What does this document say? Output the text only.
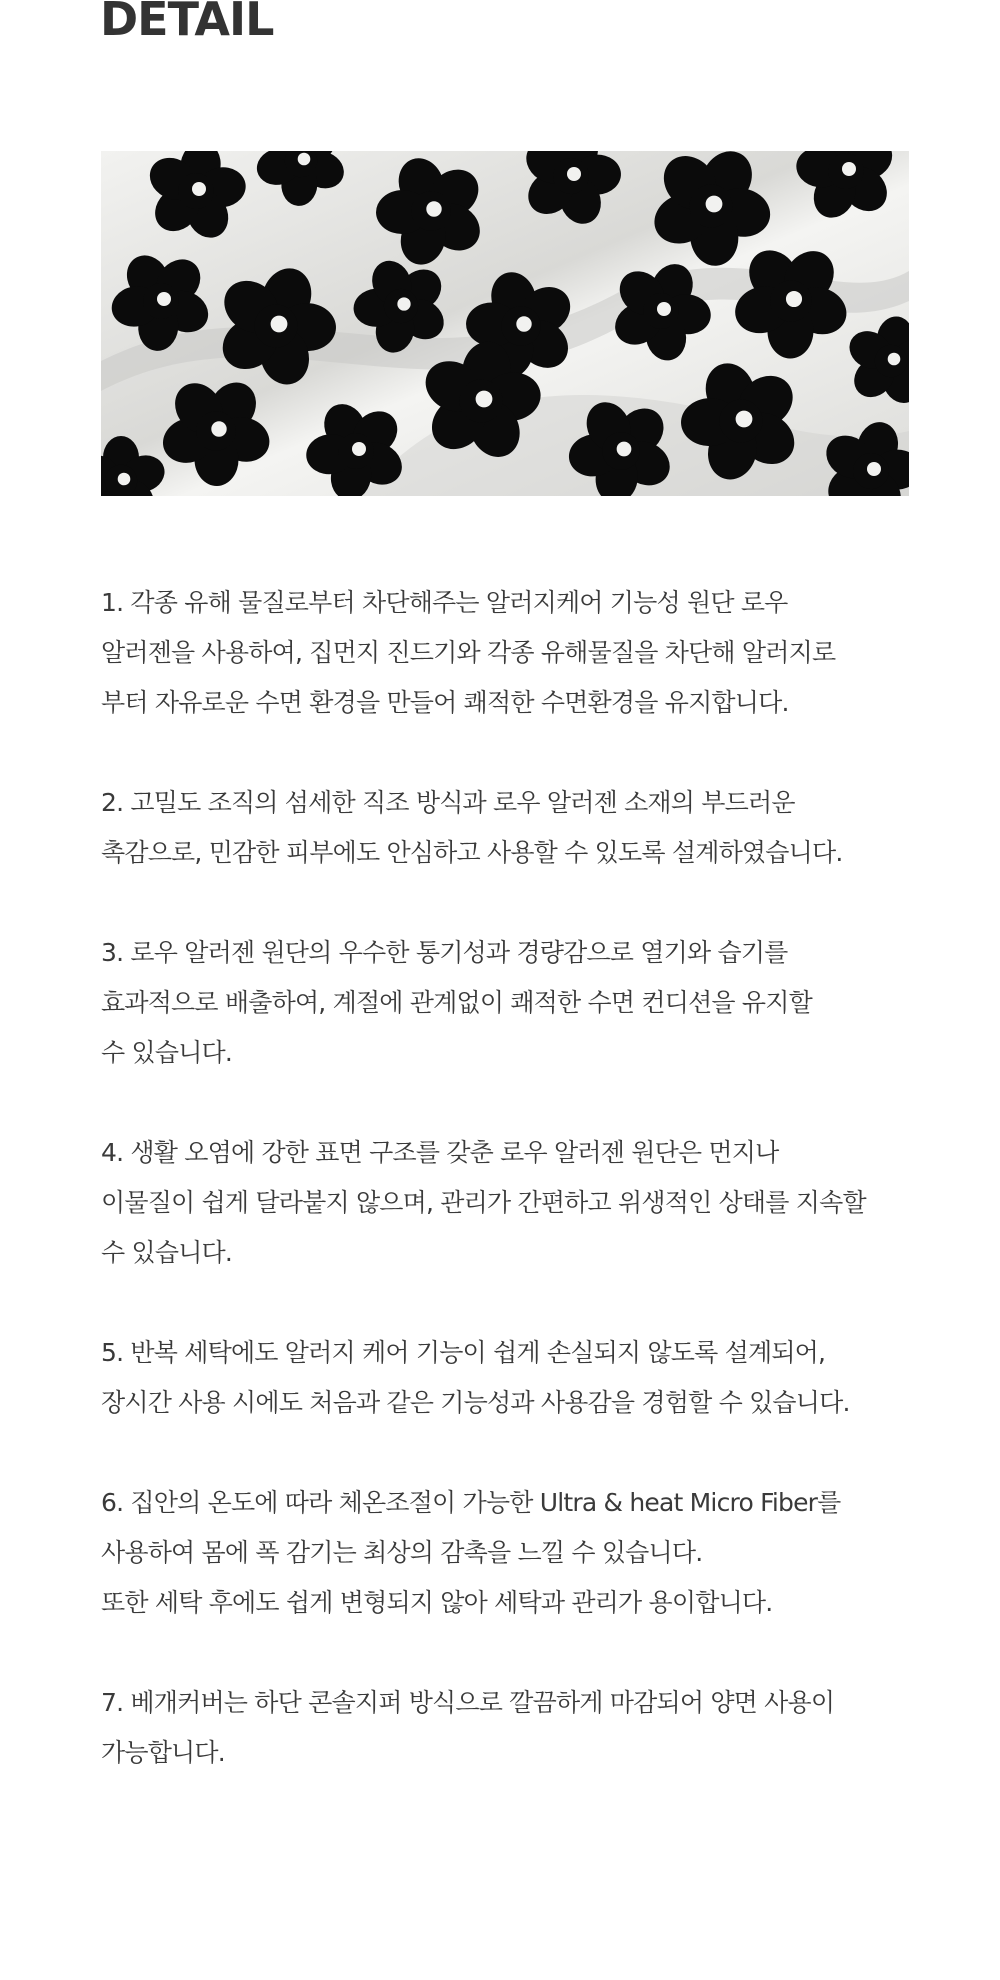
DETAIL

1. 각종 유해 물질로부터 차단해주는 알러지케어 기능성 원단 로우
알러젠을 사용하여, 집먼지 진드기와 각종 유해물질을 차단해 알러지로
부터 자유로운 수면 환경을 만들어 쾌적한 수면환경을 유지합니다.

2. 고밀도 조직의 섬세한 직조 방식과 로우 알러젠 소재의 부드러운
촉감으로, 민감한 피부에도 안심하고 사용할 수 있도록 설계하였습니다.

3. 로우 알러젠 원단의 우수한 통기성과 경량감으로 열기와 습기를
효과적으로 배출하여, 계절에 관계없이 쾌적한 수면 컨디션을 유지할
수 있습니다.

4. 생활 오염에 강한 표면 구조를 갖춘 로우 알러젠 원단은 먼지나
이물질이 쉽게 달라붙지 않으며, 관리가 간편하고 위생적인 상태를 지속할
수 있습니다.

5. 반복 세탁에도 알러지 케어 기능이 쉽게 손실되지 않도록 설계되어,
장시간 사용 시에도 처음과 같은 기능성과 사용감을 경험할 수 있습니다.

6. 집안의 온도에 따라 체온조절이 가능한 Ultra & heat Micro Fiber를
사용하여 몸에 폭 감기는 최상의 감촉을 느낄 수 있습니다.
또한 세탁 후에도 쉽게 변형되지 않아 세탁과 관리가 용이합니다.

7. 베개커버는 하단 콘솔지퍼 방식으로 깔끔하게 마감되어 양면 사용이
가능합니다.
